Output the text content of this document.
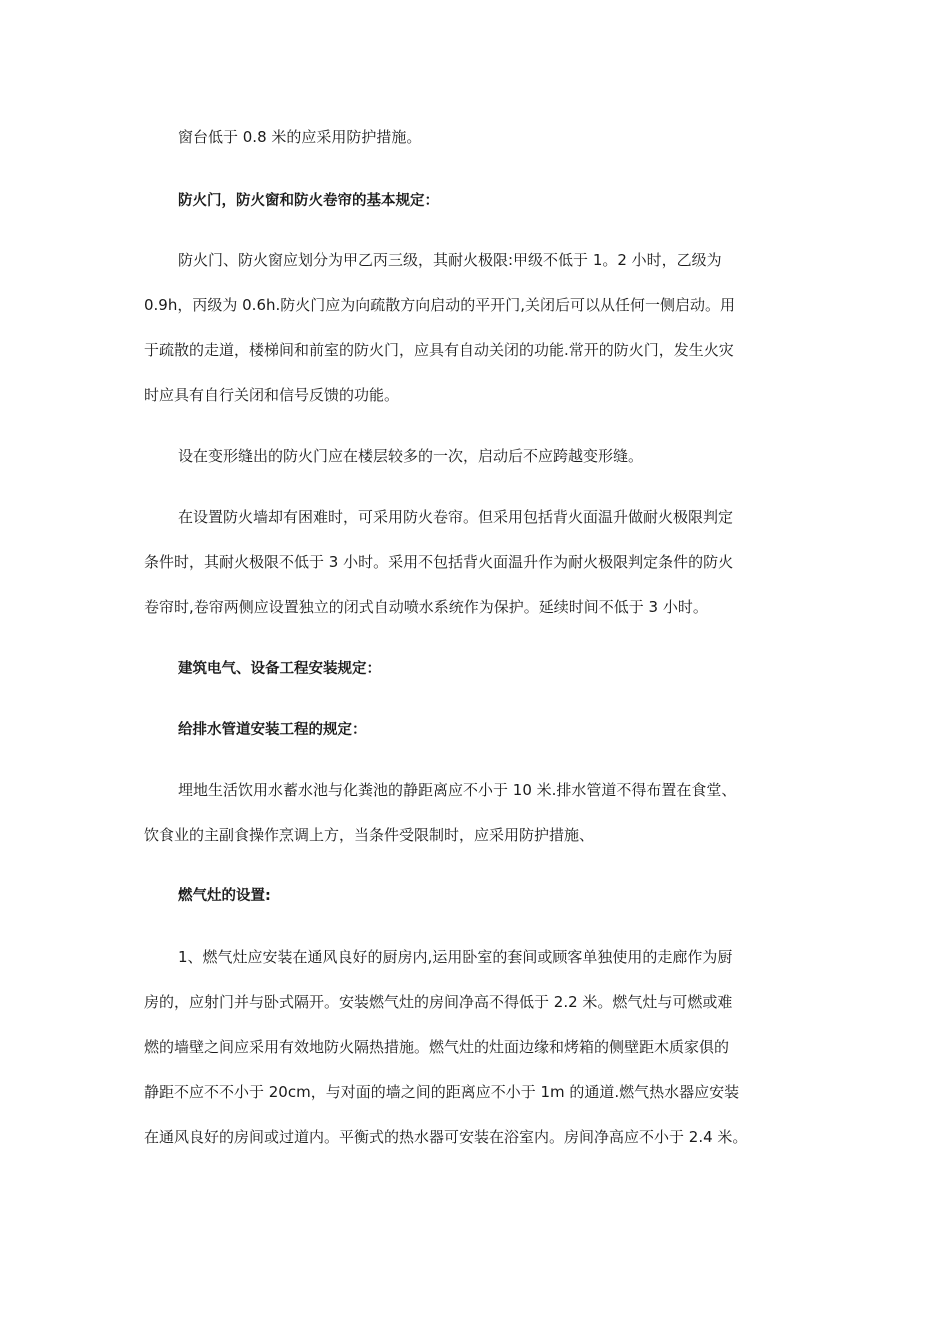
窗台低于 0.8 米的应采用防护措施。
防火门，防火窗和防火卷帘的基本规定：
防火门、防火窗应划分为甲乙丙三级，其耐火极限:甲级不低于 1。2 小时，乙级为
0.9h，丙级为 0.6h.防火门应为向疏散方向启动的平开门,关闭后可以从任何一侧启动。用
于疏散的走道，楼梯间和前室的防火门，应具有自动关闭的功能.常开的防火门，发生火灾
时应具有自行关闭和信号反馈的功能。
设在变形缝出的防火门应在楼层较多的一次，启动后不应跨越变形缝。
在设置防火墙却有困难时，可采用防火卷帘。但采用包括背火面温升做耐火极限判定
条件时，其耐火极限不低于 3 小时。采用不包括背火面温升作为耐火极限判定条件的防火
卷帘时,卷帘两侧应设置独立的闭式自动喷水系统作为保护。延续时间不低于 3 小时。
建筑电气、设备工程安装规定：
给排水管道安装工程的规定：
埋地生活饮用水蓄水池与化粪池的静距离应不小于 10 米.排水管道不得布置在食堂、
饮食业的主副食操作烹调上方，当条件受限制时，应采用防护措施、
燃气灶的设置:
1、燃气灶应安装在通风良好的厨房内,运用卧室的套间或顾客单独使用的走廊作为厨
房的，应射门并与卧式隔开。安装燃气灶的房间净高不得低于 2.2 米。燃气灶与可燃或难
燃的墙壁之间应采用有效地防火隔热措施。燃气灶的灶面边缘和烤箱的侧壁距木质家俱的
静距不应不不小于 20cm，与对面的墙之间的距离应不小于 1m 的通道.燃气热水器应安装
在通风良好的房间或过道内。平衡式的热水器可安装在浴室内。房间净高应不小于 2.4 米。
